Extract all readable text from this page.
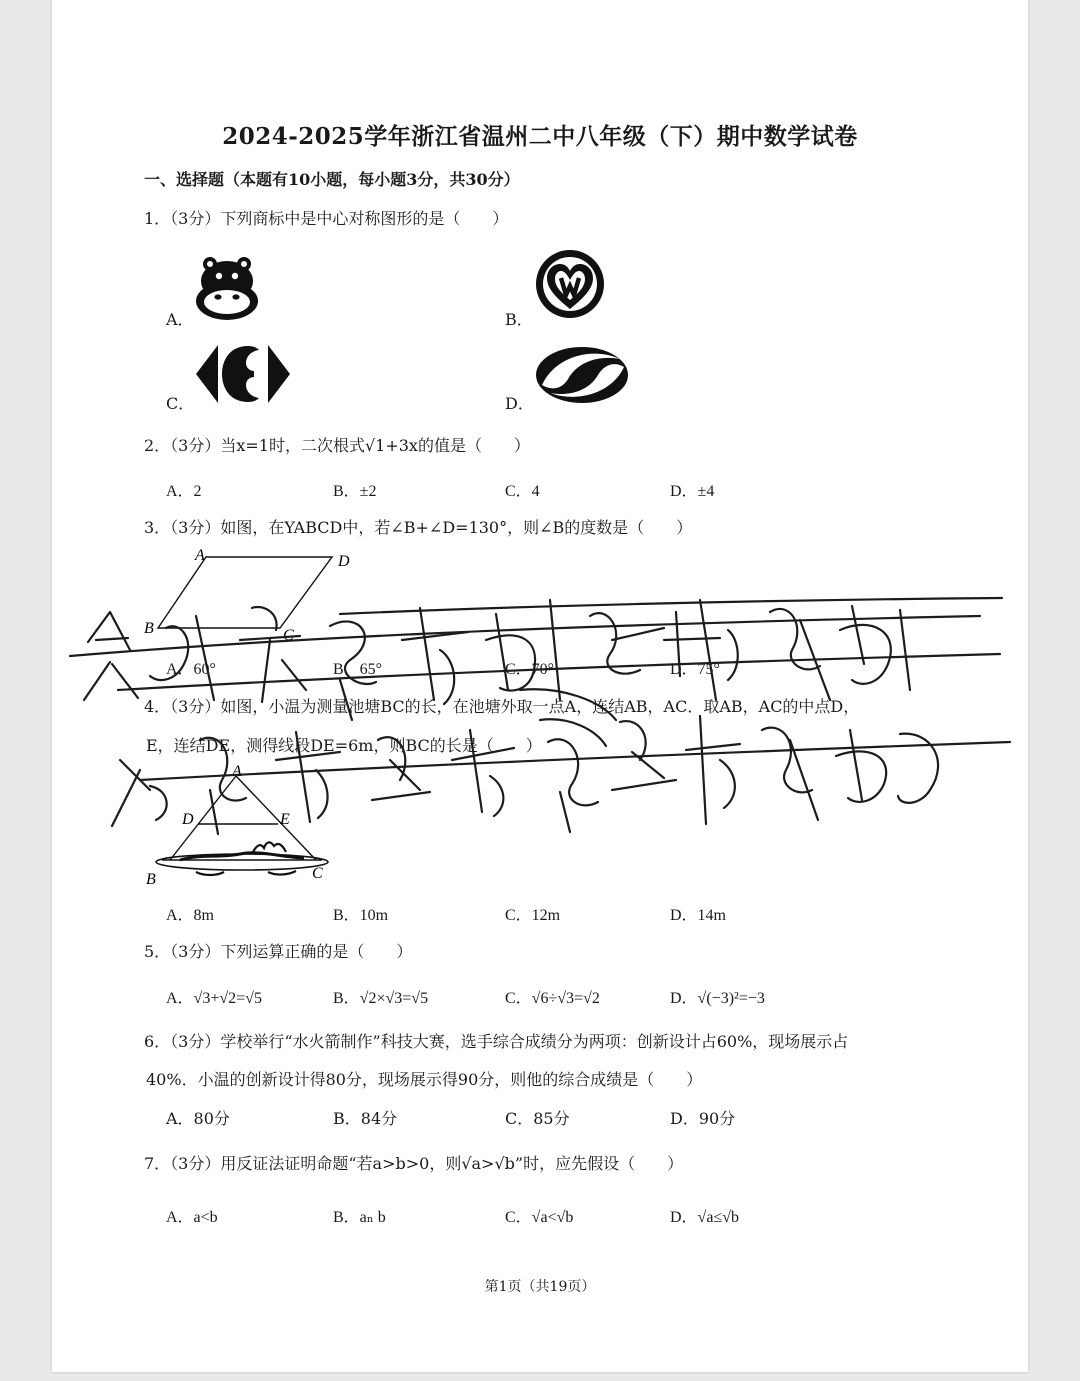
2024-2025学年浙江省温州二中八年级（下）期中数学试卷
一、选择题（本题有10小题，每小题3分，共30分）
1．（3分）下列商标中是中心对称图形的是（　　）
A．	B．
C．	D．
2．（3分）当x=1时，二次根式√1+3x的值是（　　）
A．2	B．±2	C．4	D．±4
3．（3分）如图，在YABCD中，若∠B+∠D=130°，则∠B的度数是（　　）
A	D
B	C
A．60°	B．65°	C．70°	D．75°
4．（3分）如图，小温为测量池塘BC的长，在池塘外取一点A，连结AB，AC．取AB，AC的中点D，
E，连结DE，测得线段DE=6m，则BC的长是（　　）
A
D	E
B	C
A．8m	B．10m	C．12m	D．14m
5．（3分）下列运算正确的是（　　）
A．√3+√2=√5	B．√2×√3=√5	C．√6÷√3=√2	D．√(−3)²=−3
6．（3分）学校举行“水火箭制作”科技大赛，选手综合成绩分为两项：创新设计占60%，现场展示占
40%．小温的创新设计得80分，现场展示得90分，则他的综合成绩是（　　）
A．80分	B．84分	C．85分	D．90分
7．（3分）用反证法证明命题“若a>b>0，则√a>√b”时，应先假设（　　）
A．a<b	B．aₙ b	C．√a<√b	D．√a≤√b
第1页（共19页）
